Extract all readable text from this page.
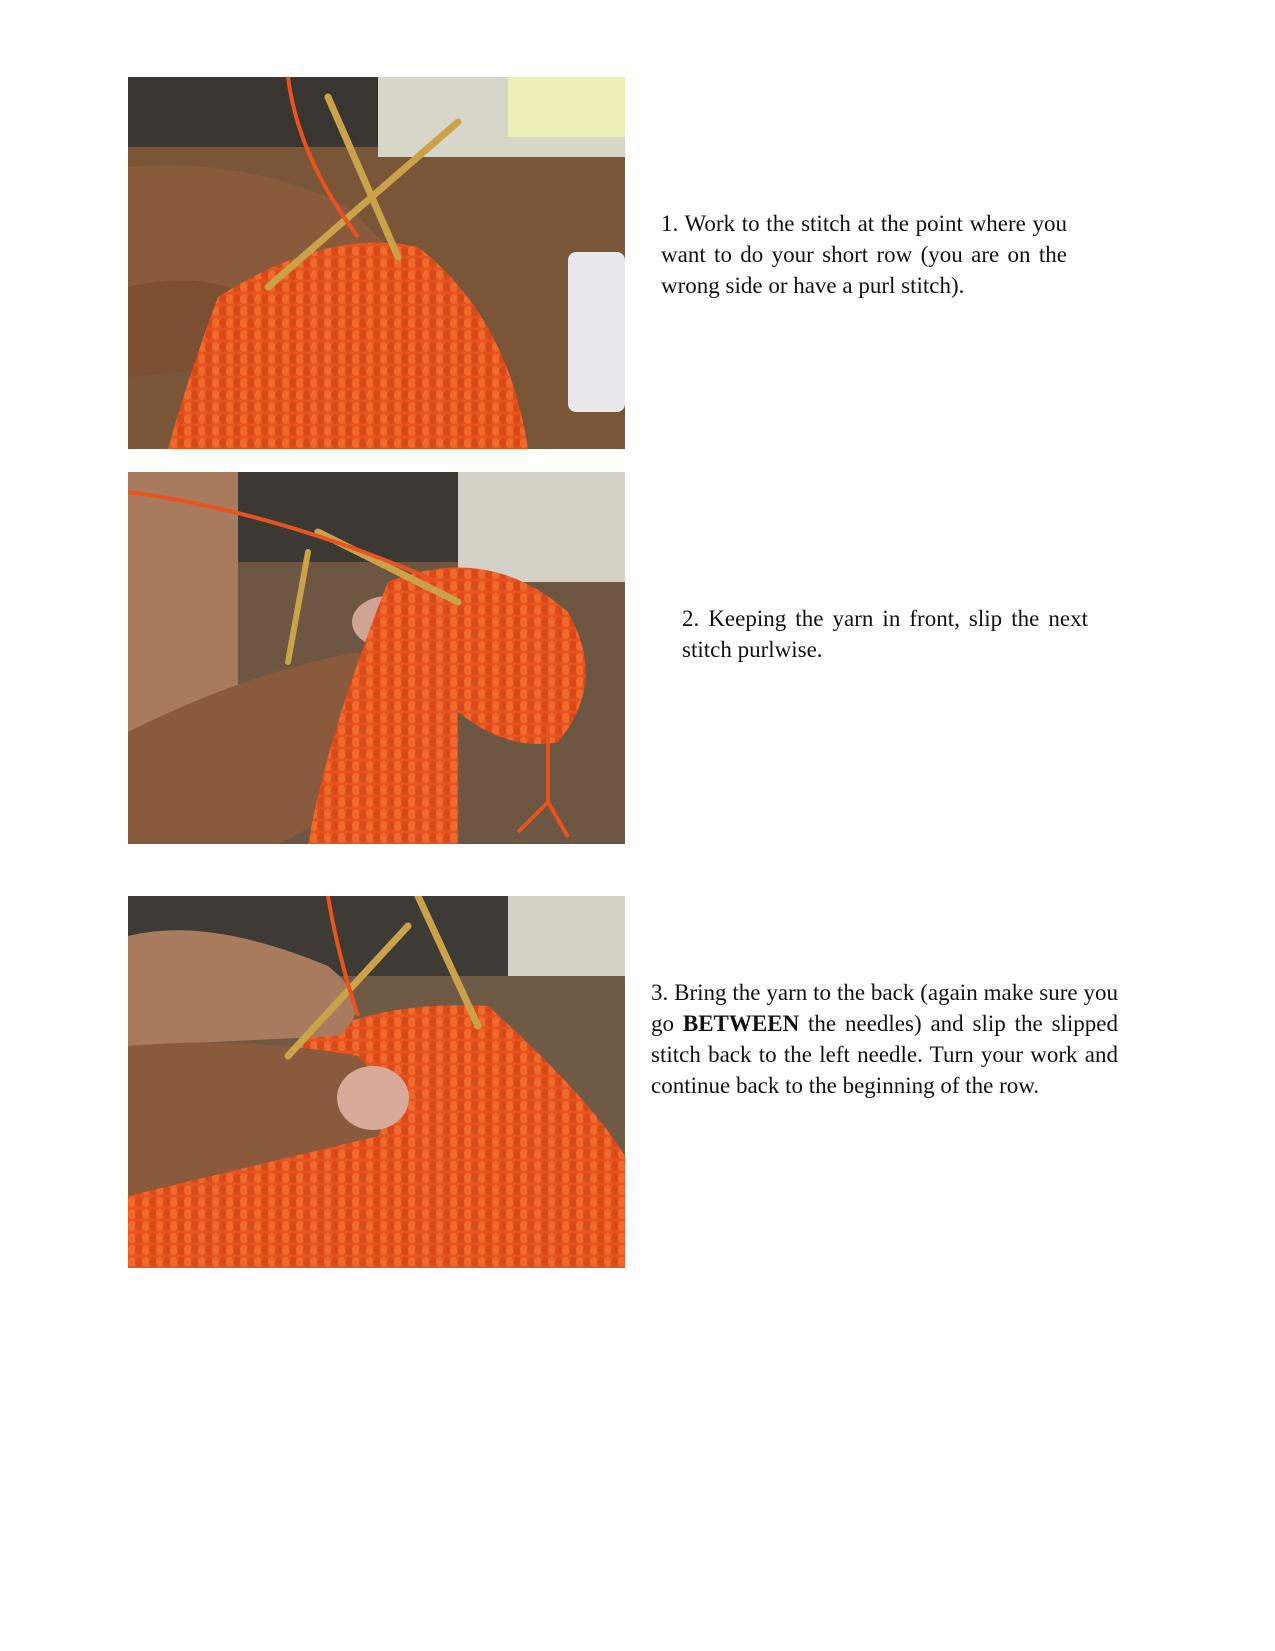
1. Work to the stitch at the point where you want to do your short row (you are on the wrong side or have a purl stitch).

2. Keeping the yarn in front, slip the next stitch purlwise.

3. Bring the yarn to the back (again make sure you go BETWEEN the needles) and slip the slipped stitch back to the left needle. Turn your work and continue back to the beginning of the row.
